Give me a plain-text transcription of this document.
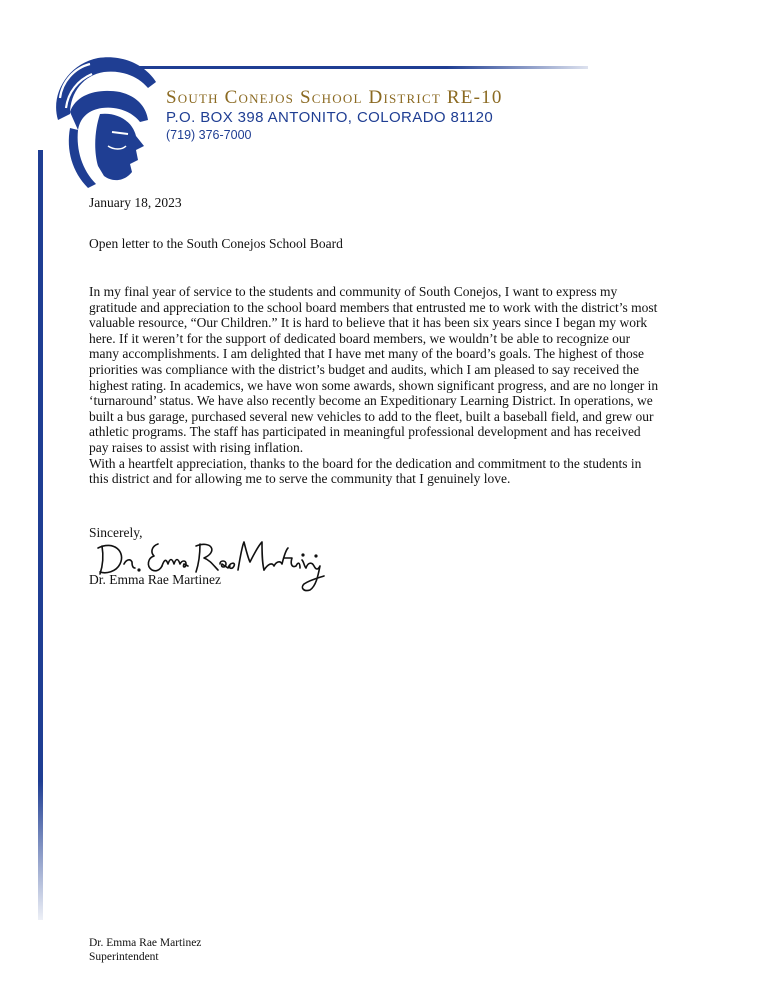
South Conejos School District RE-10
P.O. BOX 398 ANTONITO, COLORADO 81120
(719) 376-7000
January 18, 2023
Open letter to the South Conejos School Board
In my final year of service to the students and community of South Conejos, I want to express my
gratitude and appreciation to the school board members that entrusted me to work with the district’s most
valuable resource, “Our Children.” It is hard to believe that it has been six years since I began my work
here. If it weren’t for the support of dedicated board members, we wouldn’t be able to recognize our
many accomplishments. I am delighted that I have met many of the board’s goals. The highest of those
priorities was compliance with the district’s budget and audits, which I am pleased to say received the
highest rating. In academics, we have won some awards, shown significant progress, and are no longer in
‘turnaround’ status. We have also recently become an Expeditionary Learning District. In operations, we
built a bus garage, purchased several new vehicles to add to the fleet, built a baseball field, and grew our
athletic programs. The staff has participated in meaningful professional development and has received
pay raises to assist with rising inflation.
With a heartfelt appreciation, thanks to the board for the dedication and commitment to the students in
this district and for allowing me to serve the community that I genuinely love.
Sincerely,
Dr. Emma Rae Martinez
Dr. Emma Rae Martinez
Superintendent
